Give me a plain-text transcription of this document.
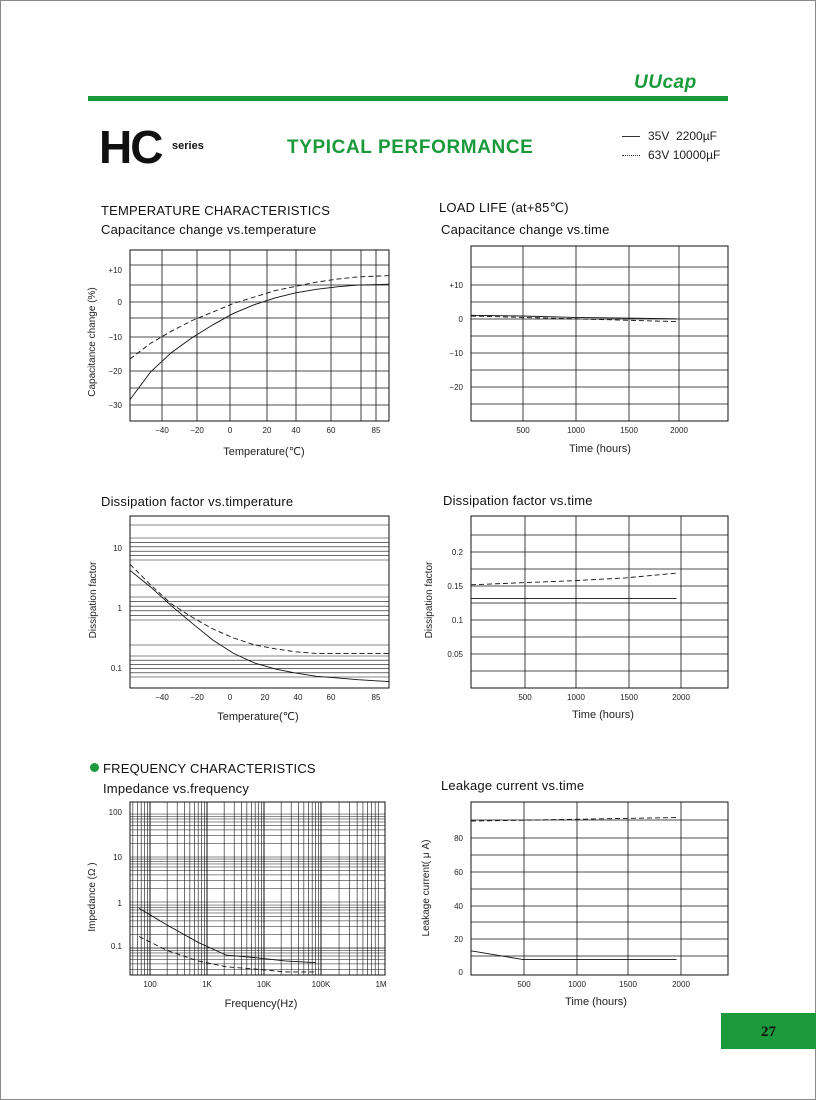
UUcap
HC series	TYPICAL PERFORMANCE
35V 2200µF
63V 10000µF
TEMPERATURE CHARACTERISTICS
Capacitance change vs.temperature
LOAD LIFE (at+85℃)
Capacitance change vs.time
Dissipation factor vs.timperature	Dissipation factor vs.time
FREQUENCY CHARACTERISTICS
Impedance vs.frequency	Leakage current vs.time
−40	−20	0	20	40	60	85
+10
0
−10
−20
−30
Temperature(℃)
Capacitance change (%)
500	1000	1500	2000
+10
0
−10
−20
Time (hours)
−40	−20	0	20	40	60	85
10
1
0.1
Temperature(℃)
Dissipation factor
500	1000	1500	2000
0.2
0.15
0.1
0.05
Time (hours)
Dissipation factor
100	1K	10K	100K	1M
100
10
1
0.1
Frequency(Hz)
Impedance (Ω )
500	1000	1500	2000
80
60
40
20
0
Time (hours)
Leakage current( μ A)
27
